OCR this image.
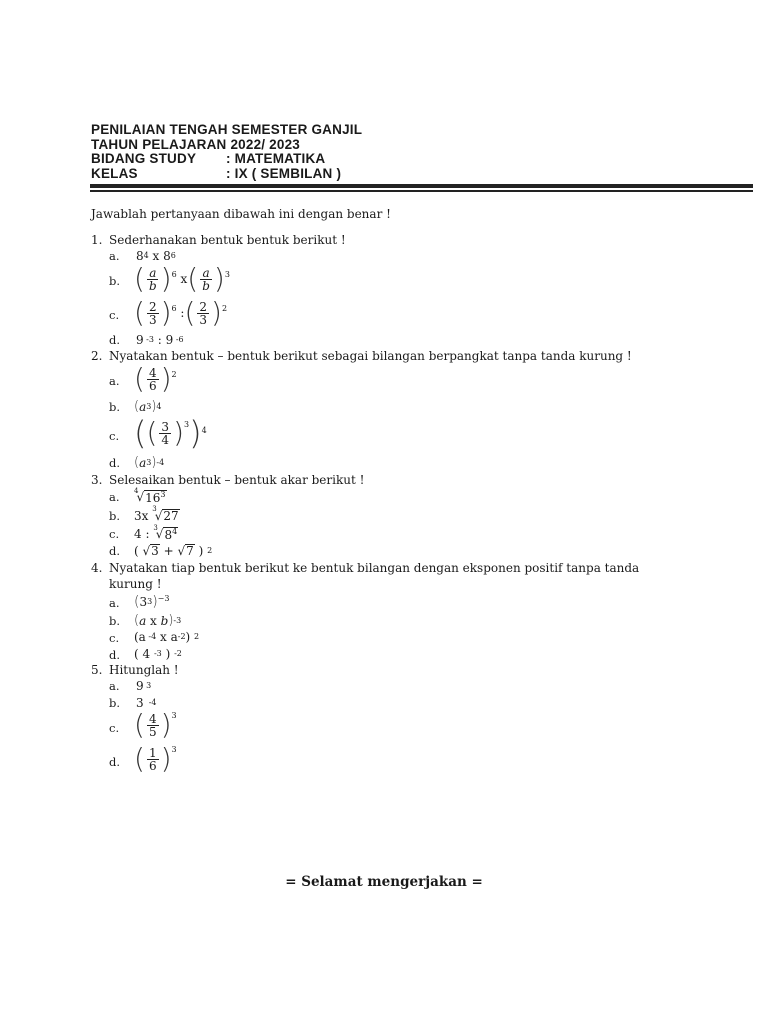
PENILAIAN TENGAH SEMESTER GANJIL
TAHUN PELAJARAN 2022/ 2023
BIDANG STUDY	: MATEMATIKA
KELAS	: IX ( SEMBILAN )
Jawablah pertanyaan dibawah ini dengan benar !
1. Sederhanakan bentuk bentuk berikut !
a. 8 4 x 8 6
b. ( $\frac{a}{b} )^6$ x ( $\frac{a}{b} )^3$
c. ( $\frac{2}{3} )^6$ : ( $\frac{2}{3} )^2$
d. 9 -3 : 9 -6
2. Nyatakan bentuk – bentuk berikut sebagai bilangan berpangkat tanpa tanda kurung !
a. ( $\frac{4}{6} )^2$
b. ( a 3 ) 4
c. ( ( $\frac{3}{4} )^3$ )$^4$
d. ( a 3 ) -4
3. Selesaikan bentuk – bentuk akar berikut !
a. 4
√ $16^3$
b. 3x 3
√ 27
c. 4 : 3
√ $8^4$
d. ( √ 3 + √ 7 ) 2
4. Nyatakan tiap bentuk berikut ke bentuk bilangan dengan eksponen positif tanpa tanda
kurung !
a. ( 3 3 )$^{-3}$
b. ( a x b ) -3
c. (a -4 x a -2 ) 2
d. ( 4 -3 ) -2
5. Hitunglah !
a. 9 3
b. 3 -4
c. ( $\frac{4}{5} )^3$
d. ( $\frac{1}{6} )^3$
= Selamat mengerjakan =
